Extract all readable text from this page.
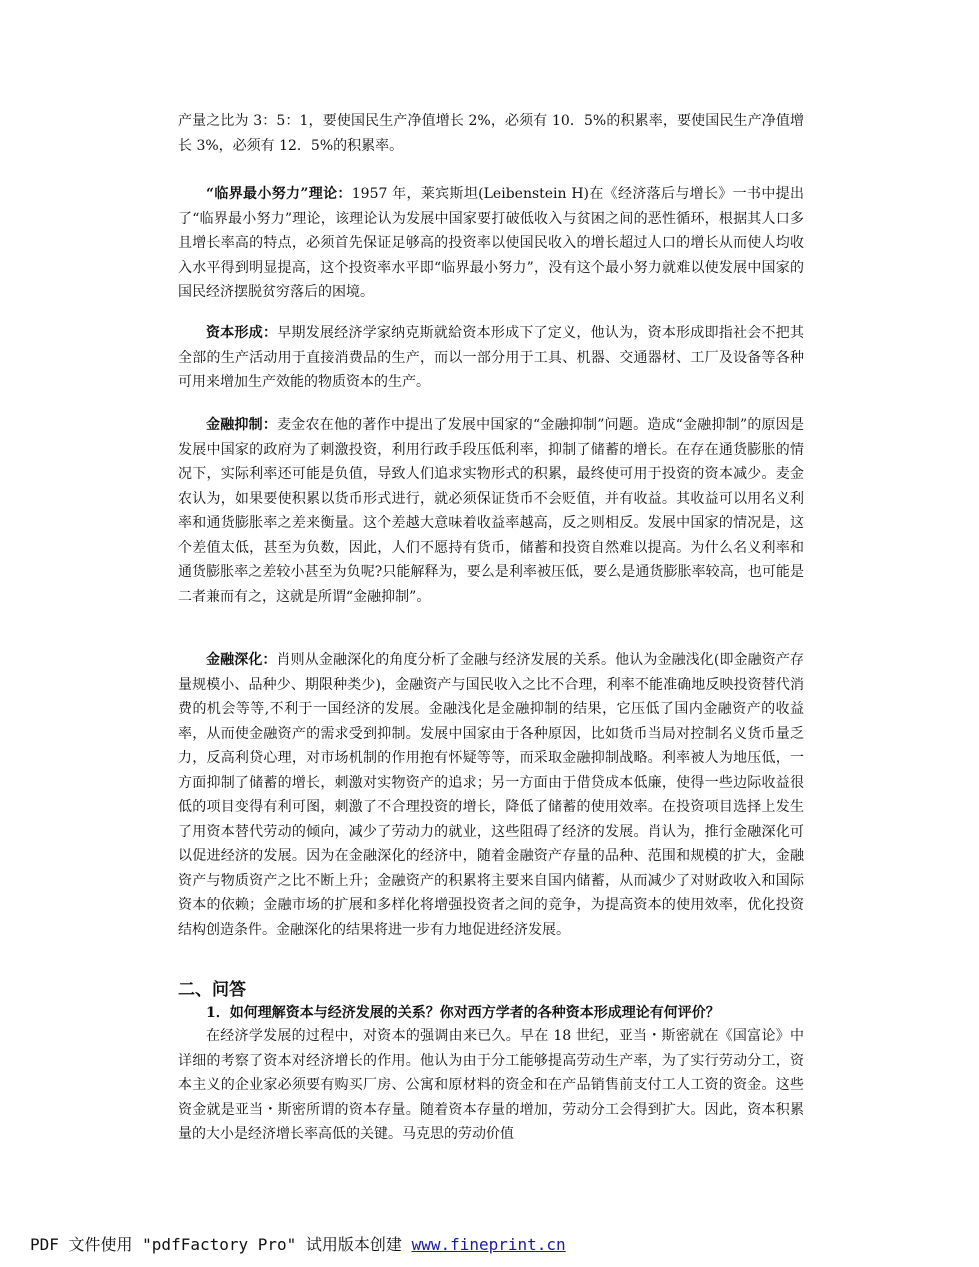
产量之比为 3：5：1，要使国民生产净值增长 2%，必须有 10．5%的积累率，要使国民生产净值增长 3%，必须有 12．5%的积累率。

“临界最小努力”理论：1957 年，莱宾斯坦(Leibenstein H)在《经济落后与增长》一书中提出了“临界最小努力”理论，该理论认为发展中国家要打破低收入与贫困之间的恶性循环，根据其人口多且增长率高的特点，必须首先保证足够高的投资率以使国民收入的增长超过人口的增长从而使人均收入水平得到明显提高，这个投资率水平即“临界最小努力”，没有这个最小努力就难以使发展中国家的国民经济摆脱贫穷落后的困境。

资本形成：早期发展经济学家纳克斯就給资本形成下了定义，他认为，资本形成即指社会不把其全部的生产活动用于直接消费品的生产，而以一部分用于工具、机器、交通器材、工厂及设备等各种可用来增加生产效能的物质资本的生产。

金融抑制：麦金农在他的著作中提出了发展中国家的“金融抑制”问题。造成“金融抑制”的原因是发展中国家的政府为了刺激投资，利用行政手段压低利率，抑制了储蓄的增长。在存在通货膨胀的情况下，实际利率还可能是负值，导致人们追求实物形式的积累，最终使可用于投资的资本减少。麦金农认为，如果要使积累以货币形式进行，就必须保证货币不会贬值，并有收益。其收益可以用名义利率和通货膨胀率之差来衡量。这个差越大意味着收益率越高，反之则相反。发展中国家的情况是，这个差值太低，甚至为负数，因此，人们不愿持有货币，储蓄和投资自然难以提高。为什么名义利率和通货膨胀率之差较小甚至为负呢?只能解释为，要么是利率被压低，要么是通货膨胀率较高，也可能是二者兼而有之，这就是所谓“金融抑制”。

金融深化：肖则从金融深化的角度分析了金融与经济发展的关系。他认为金融浅化(即金融资产存量规模小、品种少、期限种类少)，金融资产与国民收入之比不合理，利率不能准确地反映投资替代消费的机会等等,不利于一国经济的发展。金融浅化是金融抑制的结果，它压低了国内金融资产的收益率，从而使金融资产的需求受到抑制。发展中国家由于各种原因，比如货币当局对控制名义货币量乏力，反高利贷心理，对市场机制的作用抱有怀疑等等，而采取金融抑制战略。利率被人为地压低，一方面抑制了储蓄的增长，刺激对实物资产的追求；另一方面由于借贷成本低廉，使得一些边际收益很低的项目变得有利可图，刺激了不合理投资的增长，降低了储蓄的使用效率。在投资项目选择上发生了用资本替代劳动的倾向，减少了劳动力的就业，这些阻碍了经济的发展。肖认为，推行金融深化可以促进经济的发展。因为在金融深化的经济中，随着金融资产存量的品种、范围和规模的扩大，金融资产与物质资产之比不断上升；金融资产的积累将主要来自国内储蓄，从而减少了对财政收入和国际资本的依赖；金融市场的扩展和多样化将增强投资者之间的竞争，为提高资本的使用效率，优化投资结构创造条件。金融深化的结果将进一步有力地促进经济发展。

二、问答

1．如何理解资本与经济发展的关系？你对西方学者的各种资本形成理论有何评价？

在经济学发展的过程中，对资本的强调由来已久。早在 18 世纪，亚当・斯密就在《国富论》中详细的考察了资本对经济增长的作用。他认为由于分工能够提高劳动生产率，为了实行劳动分工，资本主义的企业家必须要有购买厂房、公寓和原材料的资金和在产品销售前支付工人工资的资金。这些资金就是亚当・斯密所谓的资本存量。随着资本存量的增加，劳动分工会得到扩大。因此，资本积累量的大小是经济增长率高低的关键。马克思的劳动价值

PDF 文件使用 "pdfFactory Pro" 试用版本创建 www.fineprint.cn
